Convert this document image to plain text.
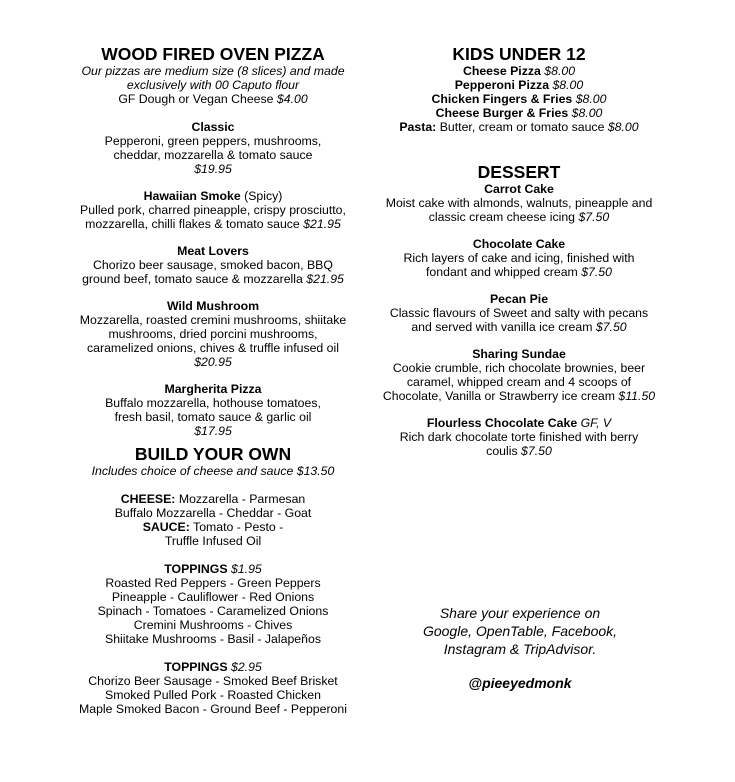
WOOD FIRED OVEN PIZZA
Our pizzas are medium size (8 slices) and made
exclusively with 00 Caputo flour
GF Dough or Vegan Cheese $4.00
Classic
Pepperoni, green peppers, mushrooms,
cheddar, mozzarella & tomato sauce
$19.95
Hawaiian Smoke (Spicy)
Pulled pork, charred pineapple, crispy prosciutto,
mozzarella, chilli flakes & tomato sauce $21.95
Meat Lovers
Chorizo beer sausage, smoked bacon, BBQ
ground beef, tomato sauce & mozzarella $21.95
Wild Mushroom
Mozzarella, roasted cremini mushrooms, shiitake
mushrooms, dried porcini mushrooms,
caramelized onions, chives & truffle infused oil
$20.95
Margherita Pizza
Buffalo mozzarella, hothouse tomatoes,
fresh basil, tomato sauce & garlic oil
$17.95
BUILD YOUR OWN
Includes choice of cheese and sauce $13.50
CHEESE: Mozzarella - Parmesan
Buffalo Mozzarella - Cheddar - Goat
SAUCE: Tomato - Pesto -
Truffle Infused Oil
TOPPINGS $1.95
Roasted Red Peppers - Green Peppers
Pineapple - Cauliflower - Red Onions
Spinach - Tomatoes - Caramelized Onions
Cremini Mushrooms - Chives
Shiitake Mushrooms - Basil - Jalapeños
TOPPINGS $2.95
Chorizo Beer Sausage - Smoked Beef Brisket
Smoked Pulled Pork - Roasted Chicken
Maple Smoked Bacon - Ground Beef - Pepperoni
KIDS UNDER 12
Cheese Pizza $8.00
Pepperoni Pizza $8.00
Chicken Fingers & Fries $8.00
Cheese Burger & Fries $8.00
Pasta: Butter, cream or tomato sauce $8.00
DESSERT
Carrot Cake
Moist cake with almonds, walnuts, pineapple and
classic cream cheese icing $7.50
Chocolate Cake
Rich layers of cake and icing, finished with
fondant and whipped cream $7.50
Pecan Pie
Classic flavours of Sweet and salty with pecans
and served with vanilla ice cream $7.50
Sharing Sundae
Cookie crumble, rich chocolate brownies, beer
caramel, whipped cream and 4 scoops of
Chocolate, Vanilla or Strawberry ice cream $11.50
Flourless Chocolate Cake GF, V
Rich dark chocolate torte finished with berry
coulis $7.50
Share your experience on
Google, OpenTable, Facebook,
Instagram & TripAdvisor.
@pieeyedmonk
